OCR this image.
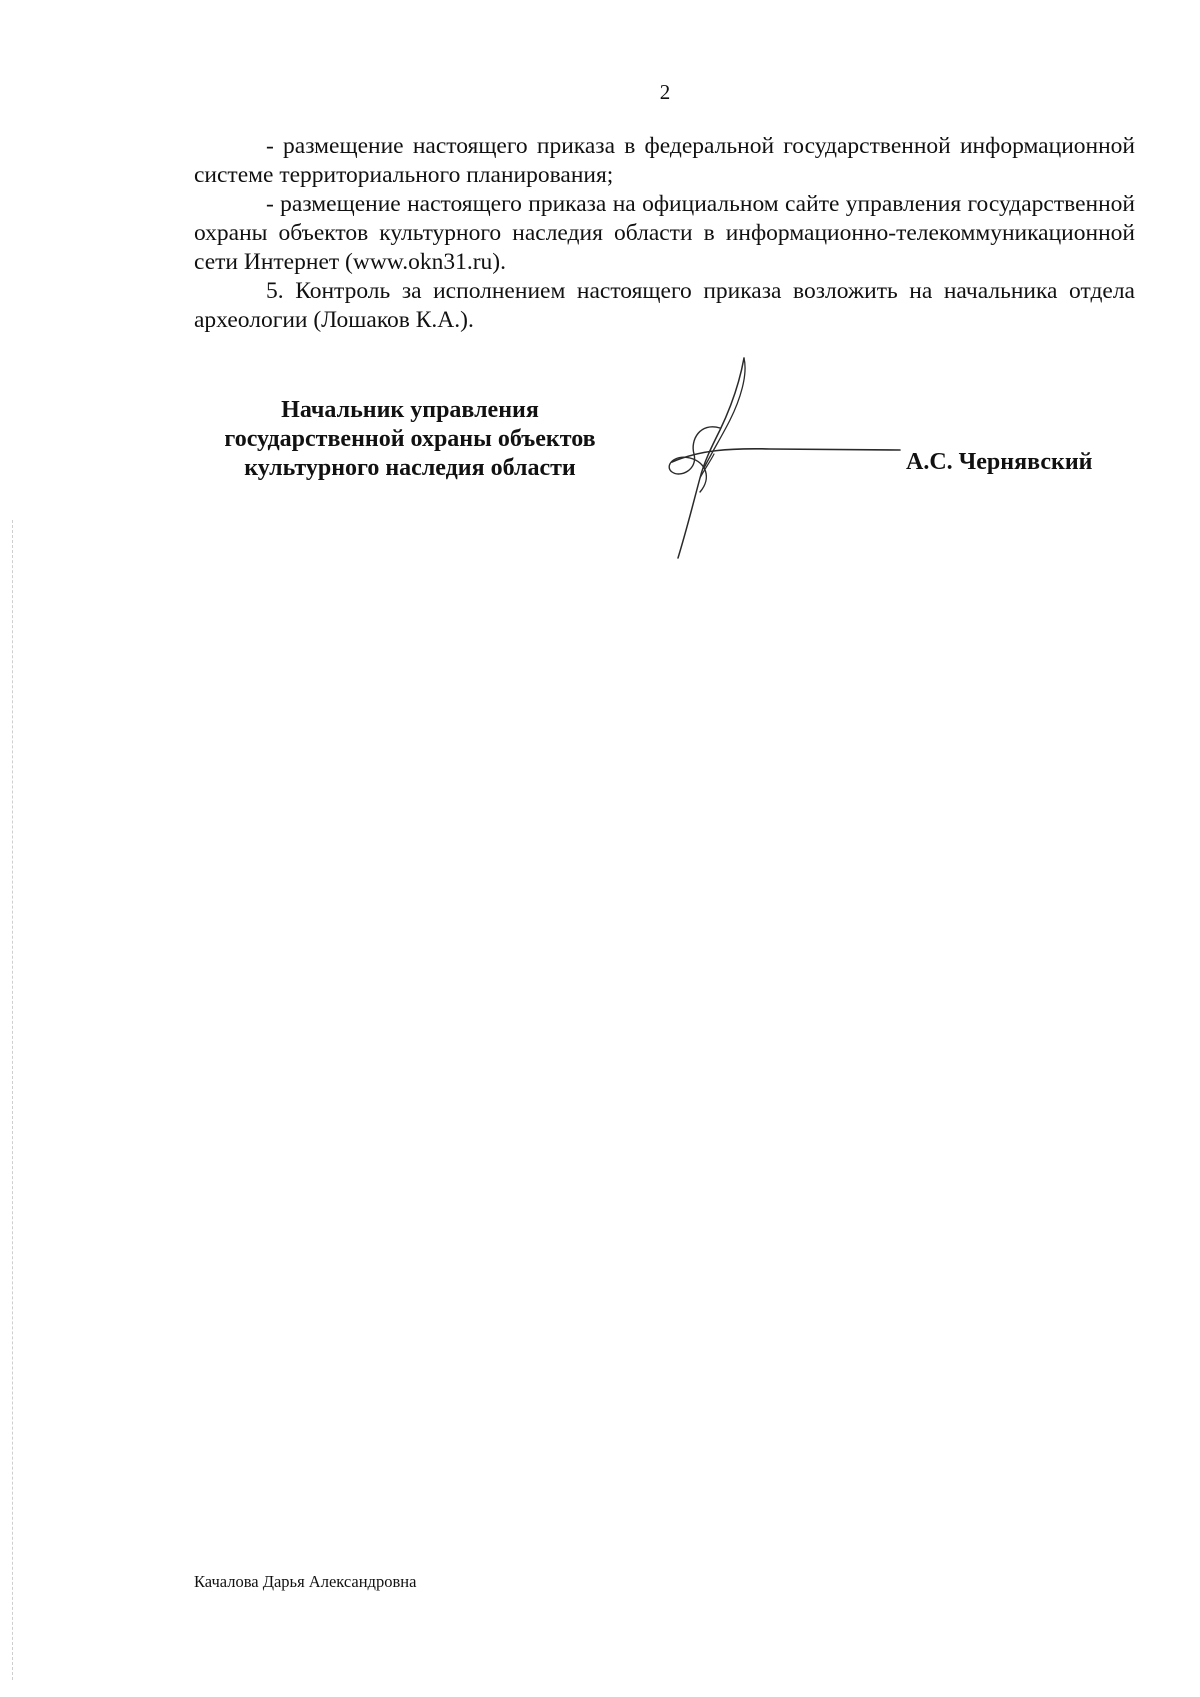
2

- размещение настоящего приказа в федеральной государственной информационной системе территориального планирования;

- размещение настоящего приказа на официальном сайте управления государственной охраны объектов культурного наследия области в информационно-телекоммуникационной сети Интернет (www.okn31.ru).

5. Контроль за исполнением настоящего приказа возложить на начальника отдела археологии (Лошаков К.А.).

Начальник управления
государственной охраны объектов
культурного наследия области	А.С. Чернявский
Качалова Дарья Александровна
